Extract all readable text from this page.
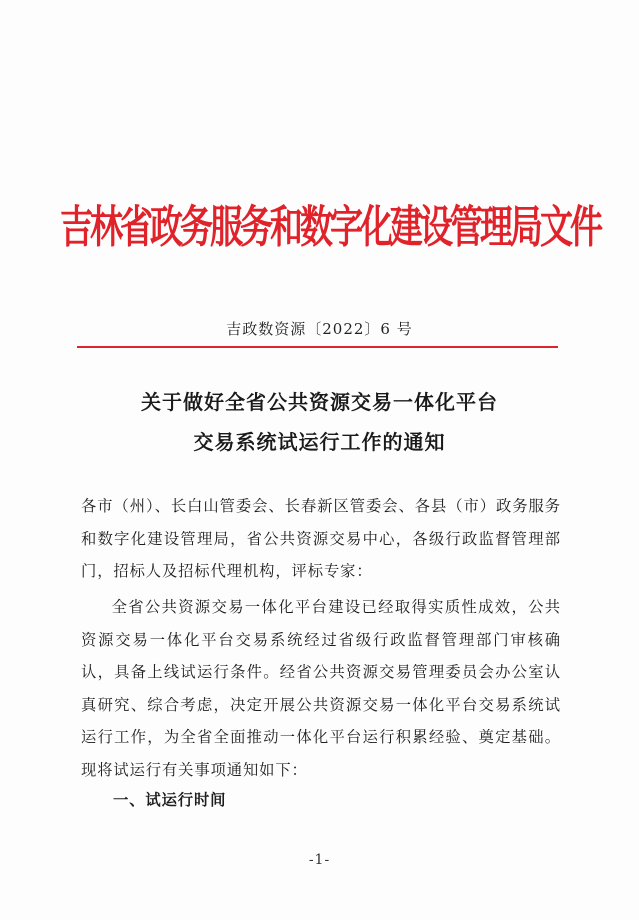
吉林省政务服务和数字化建设管理局文件
吉政数资源〔2022〕6 号
关于做好全省公共资源交易一体化平台
交易系统试运行工作的通知
各市（州）、长白山管委会、长春新区管委会、各县（市）政务服务和数字化建设管理局，省公共资源交易中心，各级行政监督管理部门，招标人及招标代理机构，评标专家：
全省公共资源交易一体化平台建设已经取得实质性成效，公共资源交易一体化平台交易系统经过省级行政监督管理部门审核确认，具备上线试运行条件。经省公共资源交易管理委员会办公室认真研究、综合考虑，决定开展公共资源交易一体化平台交易系统试运行工作，为全省全面推动一体化平台运行积累经验、奠定基础。现将试运行有关事项通知如下：
一、试运行时间
-1-
